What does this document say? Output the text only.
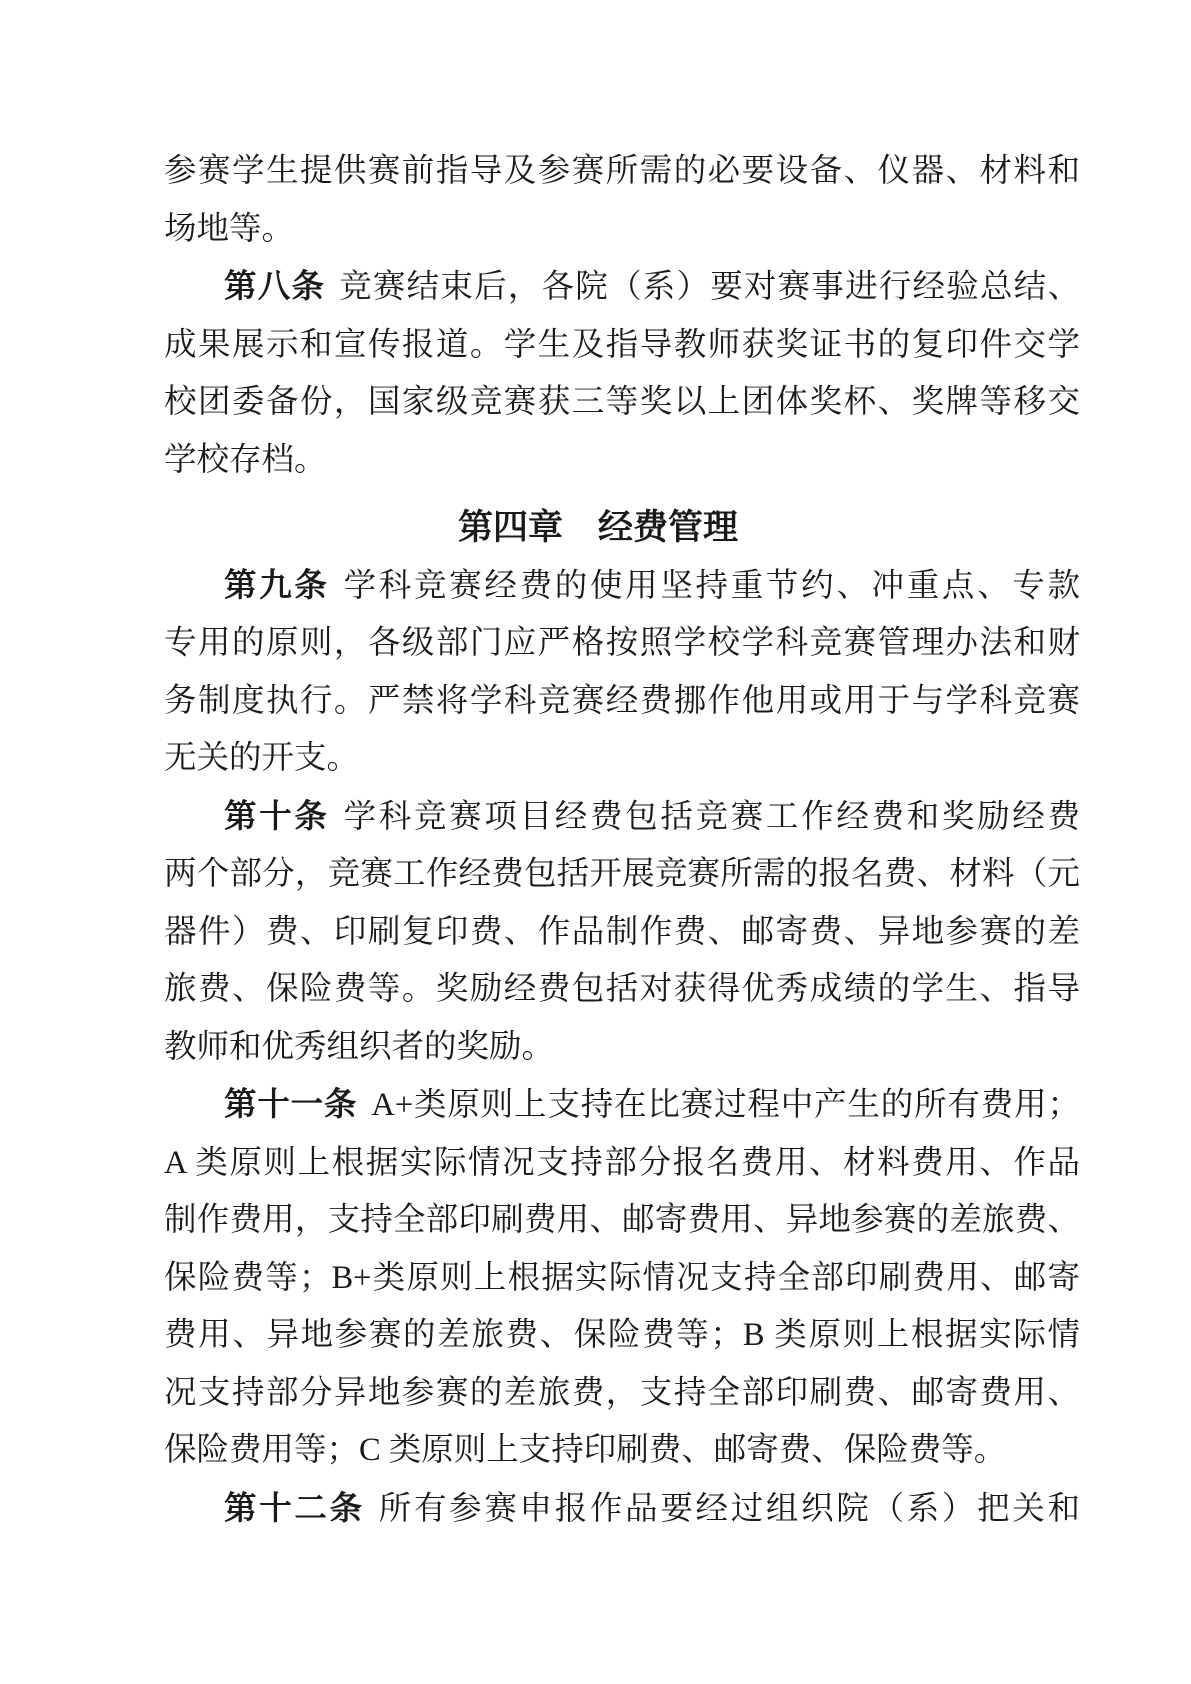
参赛学生提供赛前指导及参赛所需的必要设备、仪器、材料和
场地等。

第八条 竞赛结束后，各院（系）要对赛事进行经验总结、
成果展示和宣传报道。学生及指导教师获奖证书的复印件交学
校团委备份，国家级竞赛获三等奖以上团体奖杯、奖牌等移交
学校存档。

第四章　经费管理

第九条 学科竞赛经费的使用坚持重节约、冲重点、专款
专用的原则，各级部门应严格按照学校学科竞赛管理办法和财
务制度执行。严禁将学科竞赛经费挪作他用或用于与学科竞赛
无关的开支。

第十条 学科竞赛项目经费包括竞赛工作经费和奖励经费
两个部分，竞赛工作经费包括开展竞赛所需的报名费、材料（元
器件）费、印刷复印费、作品制作费、邮寄费、异地参赛的差
旅费、保险费等。奖励经费包括对获得优秀成绩的学生、指导
教师和优秀组织者的奖励。

第十一条 A+类原则上支持在比赛过程中产生的所有费用；
A 类原则上根据实际情况支持部分报名费用、材料费用、作品
制作费用，支持全部印刷费用、邮寄费用、异地参赛的差旅费、
保险费等；B+类原则上根据实际情况支持全部印刷费用、邮寄
费用、异地参赛的差旅费、保险费等；B 类原则上根据实际情
况支持部分异地参赛的差旅费，支持全部印刷费、邮寄费用、
保险费用等；C 类原则上支持印刷费、邮寄费、保险费等。

第十二条 所有参赛申报作品要经过组织院（系）把关和
